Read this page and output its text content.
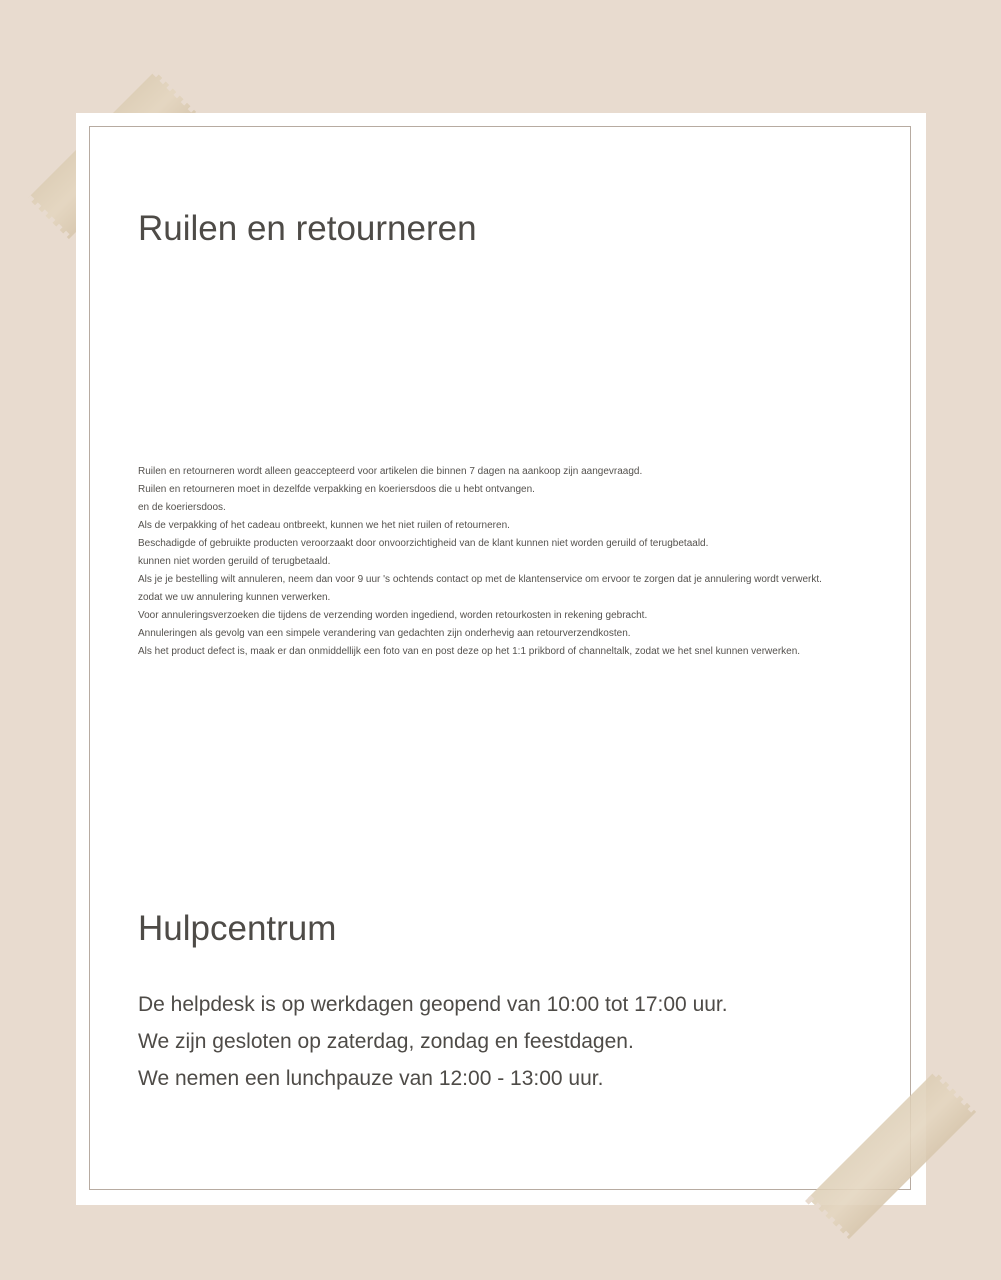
Ruilen en retourneren
Ruilen en retourneren wordt alleen geaccepteerd voor artikelen die binnen 7 dagen na aankoop zijn aangevraagd.
Ruilen en retourneren moet in dezelfde verpakking en koeriersdoos die u hebt ontvangen.
en de koeriersdoos.
Als de verpakking of het cadeau ontbreekt, kunnen we het niet ruilen of retourneren.
Beschadigde of gebruikte producten veroorzaakt door onvoorzichtigheid van de klant kunnen niet worden geruild of terugbetaald.
kunnen niet worden geruild of terugbetaald.
Als je je bestelling wilt annuleren, neem dan voor 9 uur 's ochtends contact op met de klantenservice om ervoor te zorgen dat je annulering wordt verwerkt.
zodat we uw annulering kunnen verwerken.
Voor annuleringsverzoeken die tijdens de verzending worden ingediend, worden retourkosten in rekening gebracht.
Annuleringen als gevolg van een simpele verandering van gedachten zijn onderhevig aan retourverzendkosten.
Als het product defect is, maak er dan onmiddellijk een foto van en post deze op het 1:1 prikbord of channeltalk, zodat we het snel kunnen verwerken.
Hulpcentrum
De helpdesk is op werkdagen geopend van 10:00 tot 17:00 uur.
We zijn gesloten op zaterdag, zondag en feestdagen.
We nemen een lunchpauze van 12:00 - 13:00 uur.
